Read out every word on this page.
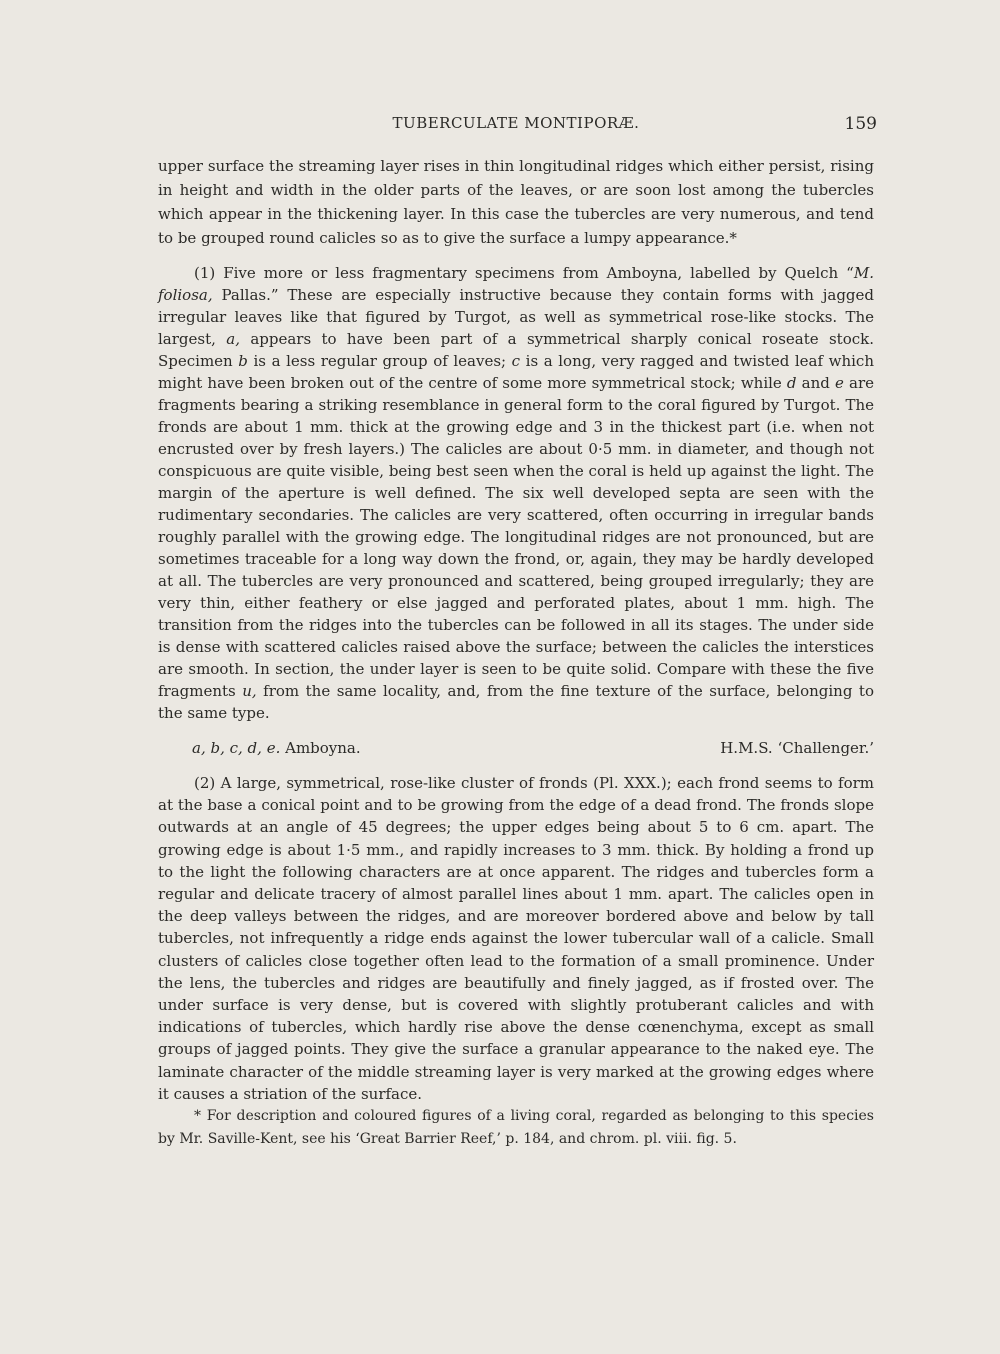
TUBERCULATE MONTIPORÆ.	159

upper surface the streaming layer rises in thin longitudinal ridges which either persist, rising in height and width in the older parts of the leaves, or are soon lost among the tubercles which appear in the thickening layer. In this case the tubercles are very numerous, and tend to be grouped round calicles so as to give the surface a lumpy appearance.*

(1) Five more or less fragmentary specimens from Amboyna, labelled by Quelch “M. foliosa, Pallas.” These are especially instructive because they contain forms with jagged irregular leaves like that figured by Turgot, as well as symmetrical rose-like stocks. The largest, a, appears to have been part of a symmetrical sharply conical roseate stock. Specimen b is a less regular group of leaves; c is a long, very ragged and twisted leaf which might have been broken out of the centre of some more symmetrical stock; while d and e are fragments bearing a striking resemblance in general form to the coral figured by Turgot. The fronds are about 1 mm. thick at the growing edge and 3 in the thickest part (i.e. when not encrusted over by fresh layers.) The calicles are about 0·5 mm. in diameter, and though not conspicuous are quite visible, being best seen when the coral is held up against the light. The margin of the aperture is well defined. The six well developed septa are seen with the rudimentary secondaries. The calicles are very scattered, often occurring in irregular bands roughly parallel with the growing edge. The longitudinal ridges are not pronounced, but are sometimes traceable for a long way down the frond, or, again, they may be hardly developed at all. The tubercles are very pronounced and scattered, being grouped irregularly; they are very thin, either feathery or else jagged and perforated plates, about 1 mm. high. The transition from the ridges into the tubercles can be followed in all its stages. The under side is dense with scattered calicles raised above the surface; between the calicles the interstices are smooth. In section, the under layer is seen to be quite solid. Compare with these the five fragments u, from the same locality, and, from the fine texture of the surface, belonging to the same type.

a, b, c, d, e. Amboyna.	H.M.S. ‘Challenger.’

(2) A large, symmetrical, rose-like cluster of fronds (Pl. XXX.); each frond seems to form at the base a conical point and to be growing from the edge of a dead frond. The fronds slope outwards at an angle of 45 degrees; the upper edges being about 5 to 6 cm. apart. The growing edge is about 1·5 mm., and rapidly increases to 3 mm. thick. By holding a frond up to the light the following characters are at once apparent. The ridges and tubercles form a regular and delicate tracery of almost parallel lines about 1 mm. apart. The calicles open in the deep valleys between the ridges, and are moreover bordered above and below by tall tubercles, not infrequently a ridge ends against the lower tubercular wall of a calicle. Small clusters of calicles close together often lead to the formation of a small prominence. Under the lens, the tubercles and ridges are beautifully and finely jagged, as if frosted over. The under surface is very dense, but is covered with slightly protuberant calicles and with indications of tubercles, which hardly rise above the dense cœnenchyma, except as small groups of jagged points. They give the surface a granular appearance to the naked eye. The laminate character of the middle streaming layer is very marked at the growing edges where it causes a striation of the surface.

* For description and coloured figures of a living coral, regarded as belonging to this species by Mr. Saville-Kent, see his ‘Great Barrier Reef,’ p. 184, and chrom. pl. viii. fig. 5.
